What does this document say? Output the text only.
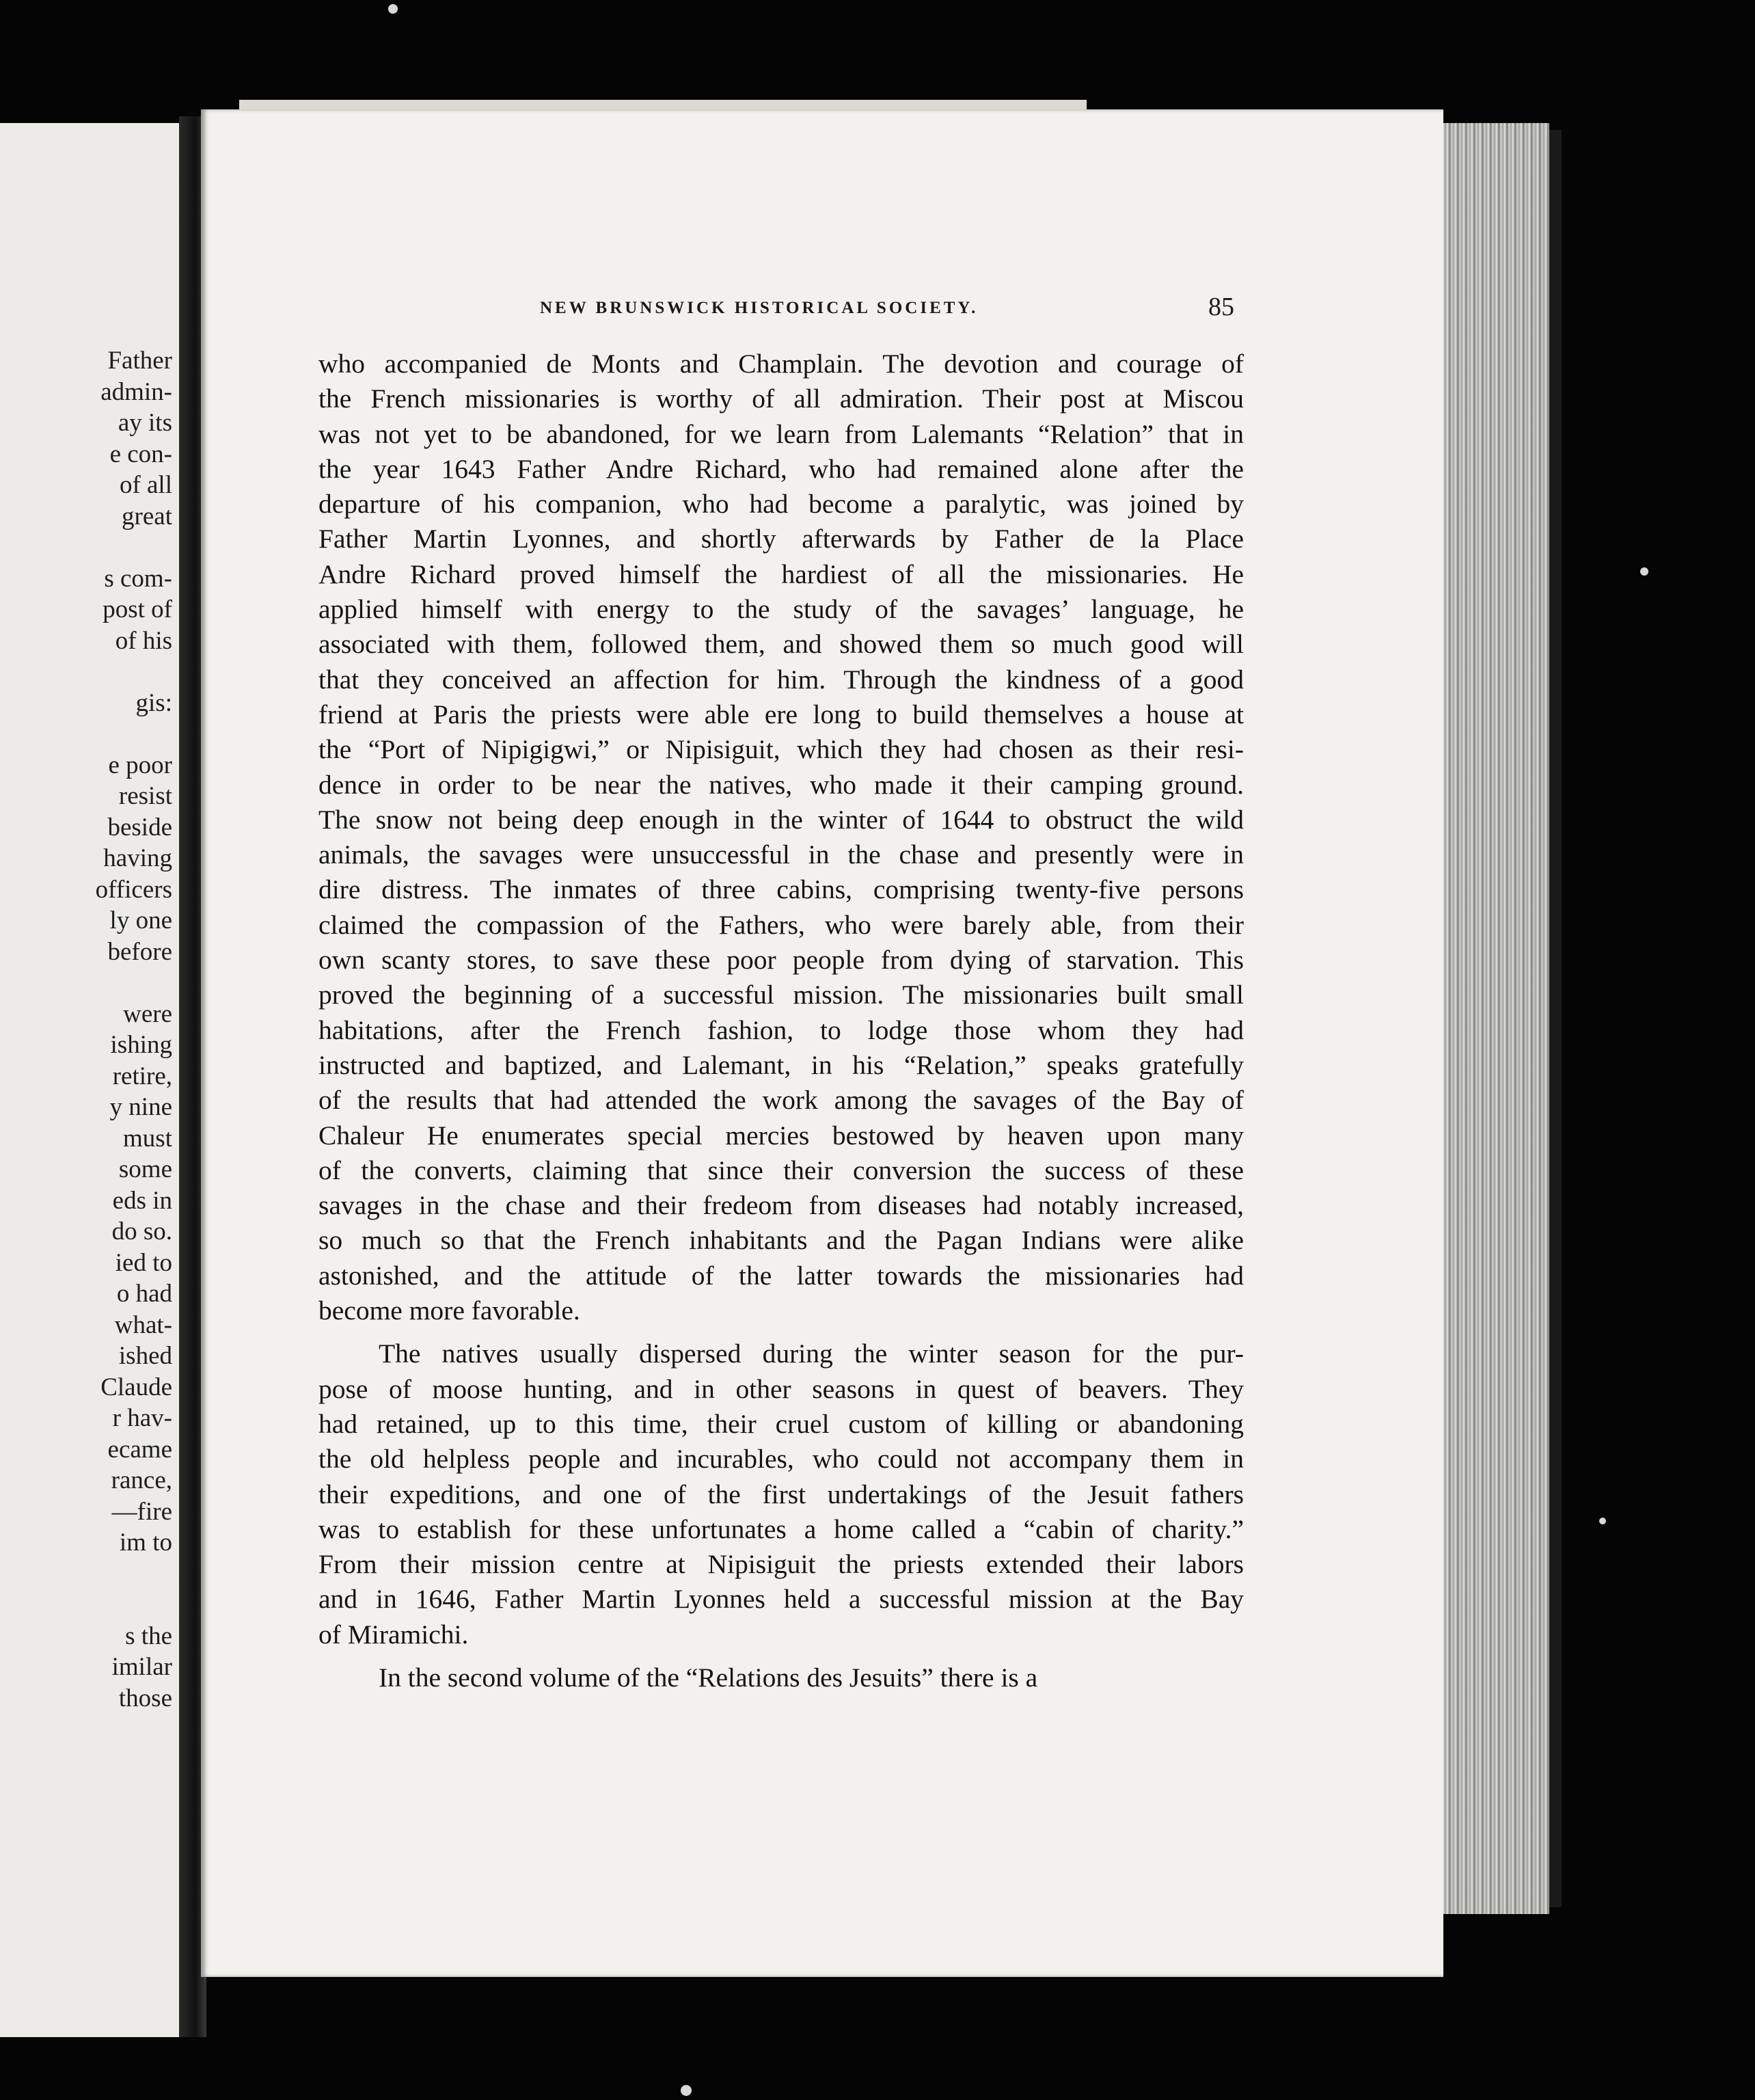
Father
admin-
ay its
e con-
of all
great

s com-
post of
of his

gis:

e poor
resist
beside
having
officers
ly one
before

were
ishing
retire,
y nine
must
some
eds in
do so.
ied to
o had
what-
ished
Claude
r hav-
ecame
rance,
—fire
im to

s the
imilar
those
NEW BRUNSWICK HISTORICAL SOCIETY.	85
who accompanied de Monts and Champlain. The devotion and courage of
the French missionaries is worthy of all admiration. Their post at Miscou
was not yet to be abandoned, for we learn from Lalemants “Relation” that in
the year 1643 Father Andre Richard, who had remained alone after the
departure of his companion, who had become a paralytic, was joined by
Father Martin Lyonnes, and shortly afterwards by Father de la Place
Andre Richard proved himself the hardiest of all the missionaries. He
applied himself with energy to the study of the savages’ language, he
associated with them, followed them, and showed them so much good will
that they conceived an affection for him. Through the kindness of a good
friend at Paris the priests were able ere long to build themselves a house at
the “Port of Nipigigwi,” or Nipisiguit, which they had chosen as their resi-
dence in order to be near the natives, who made it their camping ground.
The snow not being deep enough in the winter of 1644 to obstruct the wild
animals, the savages were unsuccessful in the chase and presently were in
dire distress. The inmates of three cabins, comprising twenty-five persons
claimed the compassion of the Fathers, who were barely able, from their
own scanty stores, to save these poor people from dying of starvation. This
proved the beginning of a successful mission. The missionaries built small
habitations, after the French fashion, to lodge those whom they had
instructed and baptized, and Lalemant, in his “Relation,” speaks gratefully
of the results that had attended the work among the savages of the Bay of
Chaleur He enumerates special mercies bestowed by heaven upon many
of the converts, claiming that since their conversion the success of these
savages in the chase and their fredeom from diseases had notably increased,
so much so that the French inhabitants and the Pagan Indians were alike
astonished, and the attitude of the latter towards the missionaries had
become more favorable.
The natives usually dispersed during the winter season for the pur-
pose of moose hunting, and in other seasons in quest of beavers. They
had retained, up to this time, their cruel custom of killing or abandoning
the old helpless people and incurables, who could not accompany them in
their expeditions, and one of the first undertakings of the Jesuit fathers
was to establish for these unfortunates a home called a “cabin of charity.”
From their mission centre at Nipisiguit the priests extended their labors
and in 1646, Father Martin Lyonnes held a successful mission at the Bay
of Miramichi.
In the second volume of the “Relations des Jesuits” there is a
